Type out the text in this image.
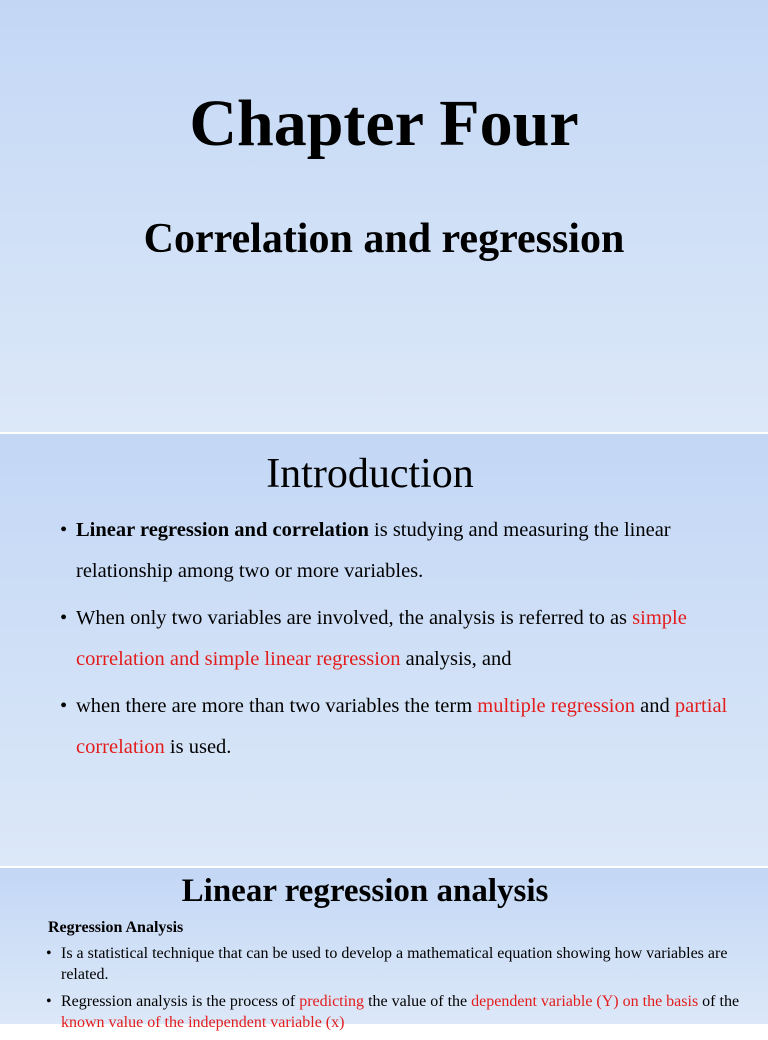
Chapter Four
Correlation and regression
Introduction
• Linear regression and correlation is studying and measuring the linear relationship among two or more variables.
• When only two variables are involved, the analysis is referred to as simple correlation and simple linear regression analysis, and
• when there are more than two variables the term multiple regression and partial correlation is used.
Linear regression analysis
Regression Analysis
• Is a statistical technique that can be used to develop a mathematical equation showing how variables are related.
• Regression analysis is the process of predicting the value of the dependent variable (Y) on the basis of the known value of the independent variable (x)
